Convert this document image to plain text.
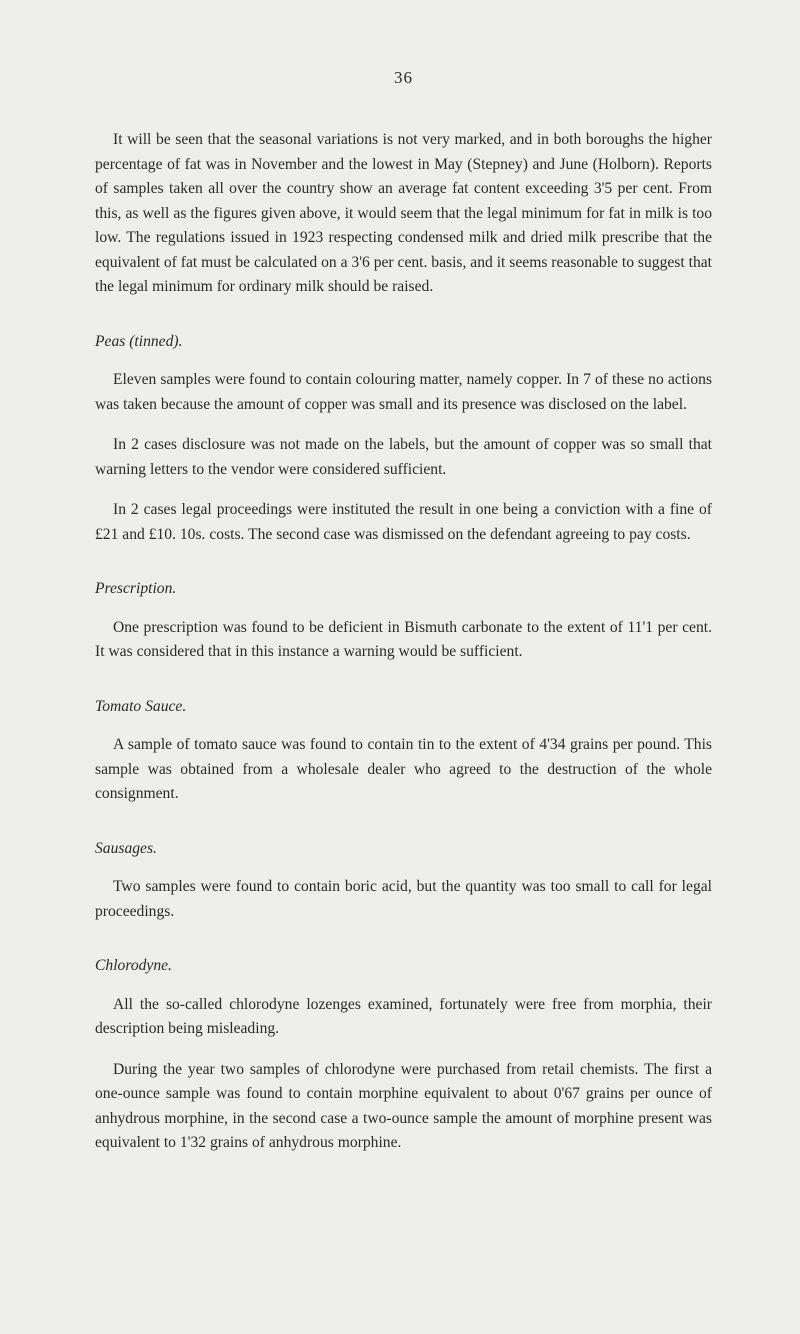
36

It will be seen that the seasonal variations is not very marked, and in both boroughs the higher percentage of fat was in November and the lowest in May (Stepney) and June (Holborn). Reports of samples taken all over the country show an average fat content exceeding 3'5 per cent. From this, as well as the figures given above, it would seem that the legal minimum for fat in milk is too low. The regulations issued in 1923 respecting condensed milk and dried milk prescribe that the equivalent of fat must be calculated on a 3'6 per cent. basis, and it seems reasonable to suggest that the legal minimum for ordinary milk should be raised.

Peas (tinned).

Eleven samples were found to contain colouring matter, namely copper. In 7 of these no actions was taken because the amount of copper was small and its presence was disclosed on the label.

In 2 cases disclosure was not made on the labels, but the amount of copper was so small that warning letters to the vendor were considered sufficient.

In 2 cases legal proceedings were instituted the result in one being a conviction with a fine of £21 and £10. 10s. costs. The second case was dismissed on the defendant agreeing to pay costs.

Prescription.

One prescription was found to be deficient in Bismuth carbonate to the extent of 11'1 per cent. It was considered that in this instance a warning would be sufficient.

Tomato Sauce.

A sample of tomato sauce was found to contain tin to the extent of 4'34 grains per pound. This sample was obtained from a wholesale dealer who agreed to the destruction of the whole consignment.

Sausages.

Two samples were found to contain boric acid, but the quantity was too small to call for legal proceedings.

Chlorodyne.

All the so-called chlorodyne lozenges examined, fortunately were free from morphia, their description being misleading.

During the year two samples of chlorodyne were purchased from retail chemists. The first a one-ounce sample was found to contain morphine equivalent to about 0'67 grains per ounce of anhydrous morphine, in the second case a two-ounce sample the amount of morphine present was equivalent to 1'32 grains of anhydrous morphine.
